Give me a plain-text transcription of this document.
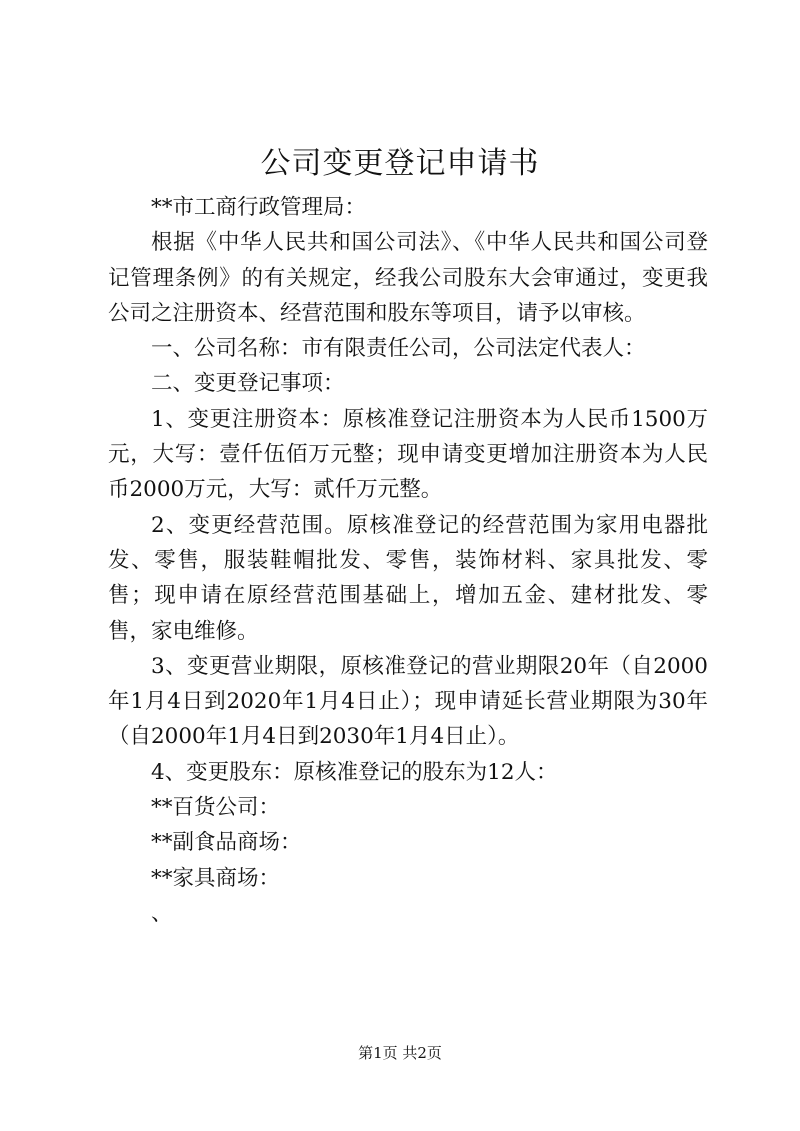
公司变更登记申请书

**市工商行政管理局：

根据《中华人民共和国公司法》、《中华人民共和国公司登记管理条例》的有关规定，经我公司股东大会审通过，变更我公司之注册资本、经营范围和股东等项目，请予以审核。

一、公司名称：市有限责任公司，公司法定代表人：

二、变更登记事项：

1、变更注册资本：原核准登记注册资本为人民币1500万元，大写：壹仟伍佰万元整；现申请变更增加注册资本为人民币2000万元，大写：贰仟万元整。

2、变更经营范围。原核准登记的经营范围为家用电器批发、零售，服装鞋帽批发、零售，装饰材料、家具批发、零售；现申请在原经营范围基础上，增加五金、建材批发、零售，家电维修。

3、变更营业期限，原核准登记的营业期限20年（自2000年1月4日到2020年1月4日止）；现申请延长营业期限为30年（自2000年1月4日到2030年1月4日止）。

4、变更股东：原核准登记的股东为12人：

**百货公司：

**副食品商场：

**家具商场：

、

第1页 共2页
